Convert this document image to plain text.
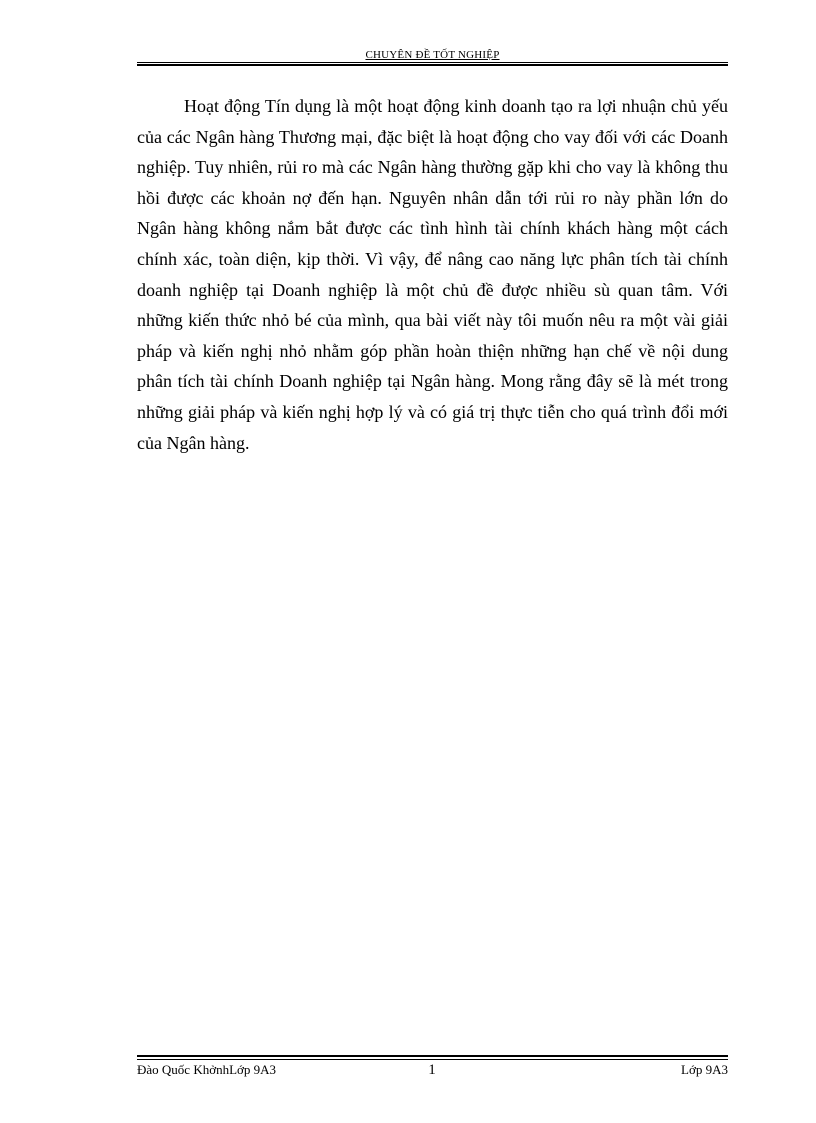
CHUYÊN ĐỀ TỐT NGHIỆP

Hoạt động Tín dụng là một hoạt động kinh doanh tạo ra lợi nhuận chủ yếu của các Ngân hàng Thương mại, đặc biệt là hoạt động cho vay đối với các Doanh nghiệp. Tuy nhiên, rủi ro mà các Ngân hàng thường gặp khi cho vay là không thu hồi được các khoản nợ đến hạn. Nguyên nhân dẫn tới rủi ro này phần lớn do Ngân hàng không nắm bắt được các tình hình tài chính khách hàng một cách chính xác, toàn diện, kịp thời. Vì vậy, để nâng cao năng lực phân tích tài chính doanh nghiệp tại Doanh nghiệp là một chủ đề được nhiều sù quan tâm. Với những kiến thức nhỏ bé của mình, qua bài viết này tôi muốn nêu ra một vài giải pháp và kiến nghị nhỏ nhằm góp phần hoàn thiện những hạn chế về nội dung phân tích tài chính Doanh nghiệp tại Ngân hàng. Mong rằng đây sẽ là mét trong những giải pháp và kiến nghị hợp lý và có giá trị thực tiễn cho quá trình đổi mới của Ngân hàng.

Đào Quốc KhởnhLớp 9A3	1	Lớp 9A3
